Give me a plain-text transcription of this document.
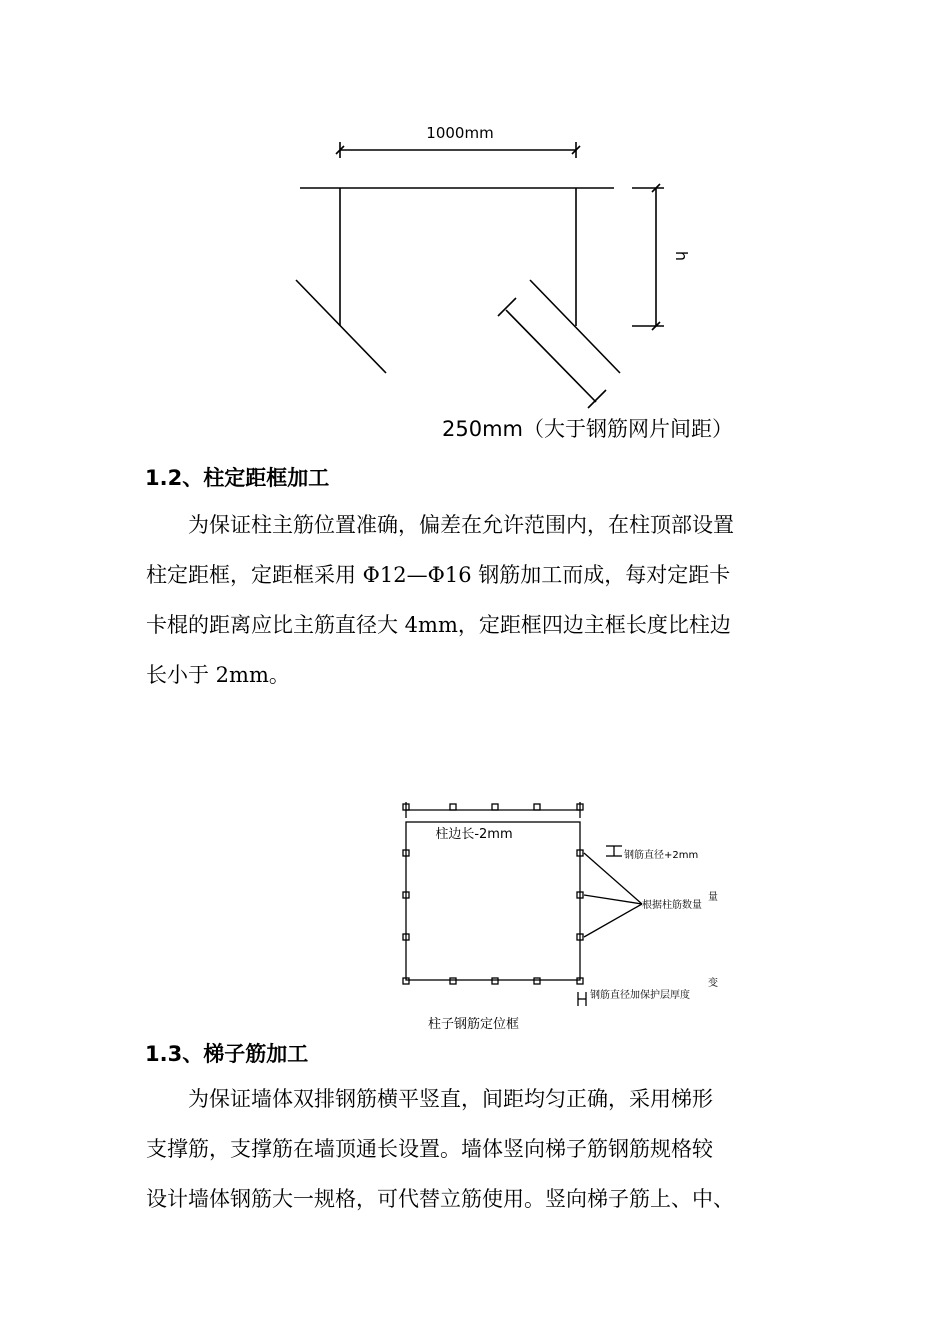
1000mm
h
250mm（大于钢筋网片间距）
1.2、柱定距框加工
为保证柱主筋位置准确，偏差在允许范围内，在柱顶部设置
柱定距框，定距框采用 Φ12—Φ16 钢筋加工而成，每对定距卡
卡棍的距离应比主筋直径大 4mm，定距框四边主框长度比柱边
长小于 2mm。
柱边长-2mm
钢筋直径+2mm
根据柱筋数量
量
变
钢筋直径加保护层厚度
柱子钢筋定位框
1.3、梯子筋加工
为保证墙体双排钢筋横平竖直，间距均匀正确，采用梯形
支撑筋，支撑筋在墙顶通长设置。墙体竖向梯子筋钢筋规格较
设计墙体钢筋大一规格，可代替立筋使用。竖向梯子筋上、中、
